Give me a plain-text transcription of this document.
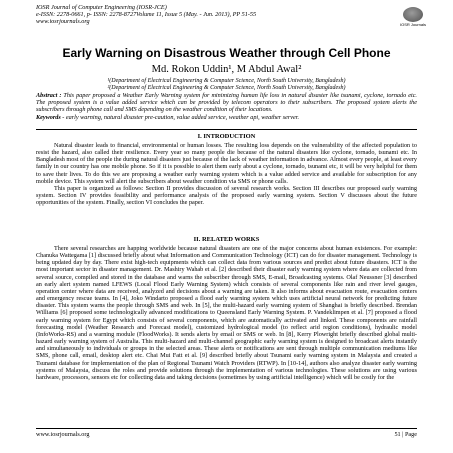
IOSR Journal of Computer Engineering (IOSR-JCE)
e-ISSN: 2278-0661, p- ISSN: 2278-8727Volume 11, Issue 5 (May. - Jun. 2013), PP 51-55
www.iosrjournals.org	IOSR Journals
Early Warning on Disastrous Weather through Cell Phone
Md. Rokon Uddin¹, M Abdul Awal²
¹(Department of Electrical Engineering & Computer Science, North South University, Bangladesh)
²(Department of Electrical Engineering & Computer Science, North South University, Bangladesh)
Abstract : This paper proposed a Weather Early Warning system for minimizing human life loss in natural disaster like tsunami, cyclone, tornado etc. The proposed system is a value added service which can be provided by telecom operators to their subscribers. The proposed system alerts the subscribers through phone call and SMS depending on the weather condition of their locations.
Keywords - early warning, natural disaster pre-caution, value added service, weather api, weather server.
I. INTRODUCTION

Natural disaster leads to financial, environmental or human losses. The resulting loss depends on the vulnerability of the affected population to resist the hazard, also called their resilience. Every year so many people die because of the natural disasters like cyclone, tornado, tsunami etc. In Bangladesh most of the people the during natural disasters just because of the lack of weather information in advance. Almost every people, at least every family in our country has one mobile phone. So if it is possible to alert them early about a cyclone, tornado, tsunami etc, it will be very helpful for them to save their lives. To do this we are proposing a weather early warning system which is a value added service and available for subscription for any mobile device. This system will alert the subscribers about weather condition via SMS or phone calls.

This paper is organized as follows: Section II provides discussion of several research works. Section III describes our proposed early warning system. Section IV provides feasibility and performance analysis of the proposed early warning system. Section V discusses about the future opportunities of the system. Finally, section VI concludes the paper.

II. RELATED WORKS

There several researches are happing worldwide because natural disasters are one of the major concerns about human existences. For example: Chanuka Wattegama [1] discussed briefly about what Information and Communication Technology (ICT) can do for disaster management. Technology is being updated day by day. There exist high-tech equipments which can collect data from various sources and predict about future disasters. ICT is the most important sector in disaster management. Dr. Mashiry Wahab et al. [2] described their disaster early warning system where data are collected from several source, compiled and stored in the database and warns the subscriber through SMS, E-mail, Broadcasting systems. Olaf Neussner [3] described an early alert system named LFEWS (Local Flood Early Warning System) which consists of several components like rain and river level gauges, operation center where data are received, analyzed and decisions about a warning are taken. It also informs about evacuation route, evacuation centers and emergency rescue teams. In [4], Joko Windarto proposed a flood early warning system which uses artificial neural network for predicting future disaster. This system warns the people through SMS and web. In [5], the multi-hazard early warning system of Shanghai is briefly described. Brendan Williams [6] proposed some technologically advanced modifications to Queensland Early Warning System. P. Vandeklimpen et al. [7] proposed a flood early warning system for Egypt which consists of several components, which are automatically activated and linked. These components are rainfall forecasting model (Weather Research and Forecast model), customized hydrological model (to reflect arid region conditions), hydraulic model (InfoWorks-RS) and a warning module (FloodWorks). It sends alerts by email or SMS or web. In [8], Kerry Plowright briefly described global multi-hazard early warning system of Australia. This multi-hazard and multi-channel geographic early warning system is designed to broadcast alerts instantly and simultaneously to individuals or groups in the selected areas. These alerts or notifications are sent through multiple communication mediums like SMS, phone call, email, desktop alert etc. Chai Mui Fatt et al. [9] described briefly about Tsunami early warning system in Malaysia and created a Tsunami database for implementation of the plan of Regional Tsunami Watch Providers (RTWP). In [10-14], authors also analyze disaster early warning systems of Malaysia, discuss the roles and provide solutions through the implementation of various technologies. These solutions are using various hardware, processors, sensors etc for collecting data and taking decisions (sometimes by using artificial intelligence) which will be costly for the

www.iosrjournals.org	51 | Page
